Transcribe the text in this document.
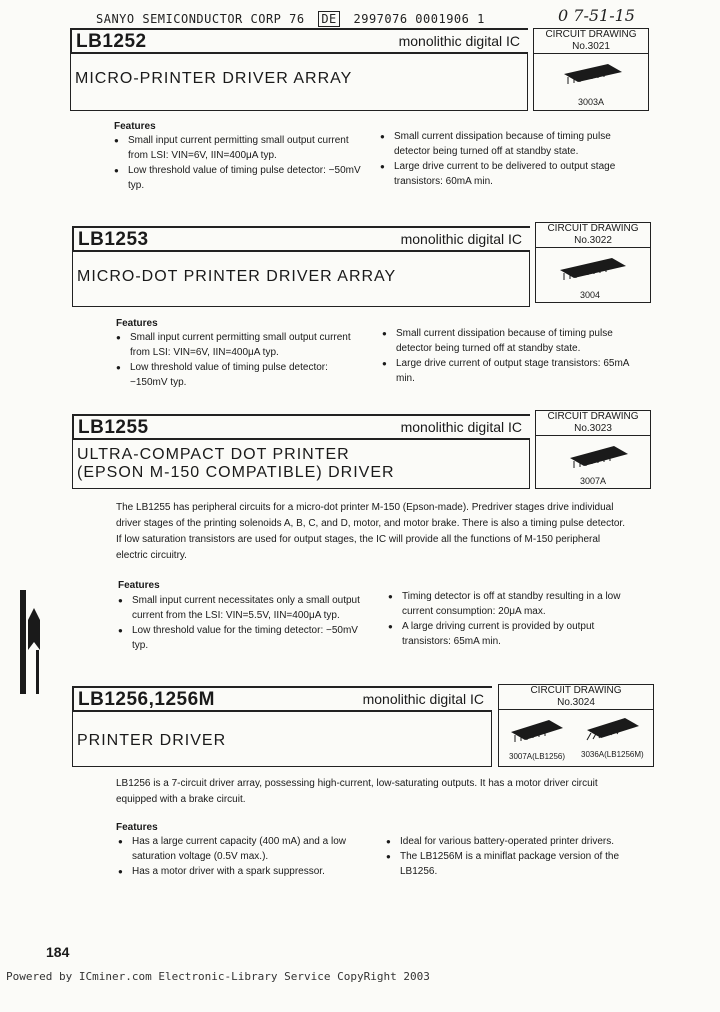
SANYO SEMICONDUCTOR CORP 76 DE 2997076 0001906 1	0 7-51-15
LB1252	monolithic digital IC	CIRCUIT DRAWING
No.3021
MICRO-PRINTER DRIVER ARRAY
3003A
Features
● Small input current permitting small output current from LSI: VIN=6V, IIN=400μA typ.
● Low threshold value of timing pulse detector: −50mV typ.
● Small current dissipation because of timing pulse detector being turned off at standby state.
● Large drive current to be delivered to output stage transistors: 60mA min.
LB1253	monolithic digital IC
CIRCUIT DRAWING
No.3022
MICRO-DOT PRINTER DRIVER ARRAY
3004
Features
● Small input current permitting small output current from LSI: VIN=6V, IIN=400μA typ.
● Low threshold value of timing pulse detector: −150mV typ.
● Small current dissipation because of timing pulse detector being turned off at standby state.
● Large drive current of output stage transistors: 65mA min.
LB1255	monolithic digital IC
CIRCUIT DRAWING
No.3023
ULTRA-COMPACT DOT PRINTER
(EPSON M-150 COMPATIBLE) DRIVER	3007A
The LB1255 has peripheral circuits for a micro-dot printer M-150 (Epson-made). Predriver stages drive individual driver stages of the printing solenoids A, B, C, and D, motor, and motor brake. There is also a timing pulse detector. If low saturation transistors are used for output stages, the IC will provide all the functions of M-150 peripheral electric circuitry.
Features
● Small input current necessitates only a small output current from the LSI: VIN=5.5V, IIN=400μA typ.
● Low threshold value for the timing detector: −50mV typ.
● Timing detector is off at standby resulting in a low current consumption: 20μA max.
● A large driving current is provided by output transistors: 65mA min.
LB1256,1256M	monolithic digital IC
CIRCUIT DRAWING
No.3024
PRINTER DRIVER
3007A(LB1256) 3036A(LB1256M)
LB1256 is a 7-circuit driver array, possessing high-current, low-saturating outputs. It has a motor driver circuit equipped with a brake circuit.
Features
● Has a large current capacity (400 mA) and a low saturation voltage (0.5V max.).
● Has a motor driver with a spark suppressor.
● Ideal for various battery-operated printer drivers.
● The LB1256M is a miniflat package version of the LB1256.
184
Powered by ICminer.com Electronic-Library Service CopyRight 2003
